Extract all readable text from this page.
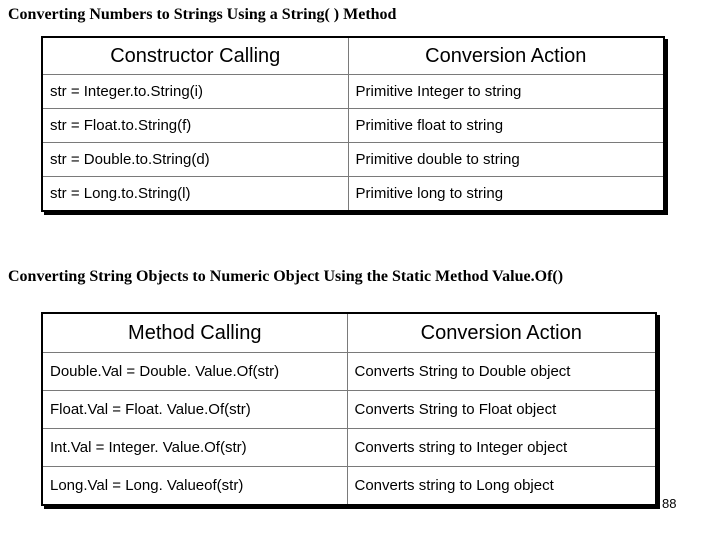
Converting Numbers to Strings Using a String( ) Method
Constructor Calling	Conversion Action
str = Integer.to.String(i)	Primitive Integer to string
str = Float.to.String(f)	Primitive float to string
str = Double.to.String(d)	Primitive double to string
str = Long.to.String(l)	Primitive long to string
Converting String Objects to Numeric Object Using the Static Method Value.Of()
Method Calling	Conversion Action
Double.Val = Double. Value.Of(str)	Converts String to Double object
Float.Val = Float. Value.Of(str)	Converts String to Float object
Int.Val = Integer. Value.Of(str)	Converts string to Integer object
Long.Val = Long. Valueof(str)	Converts string to Long object
88
